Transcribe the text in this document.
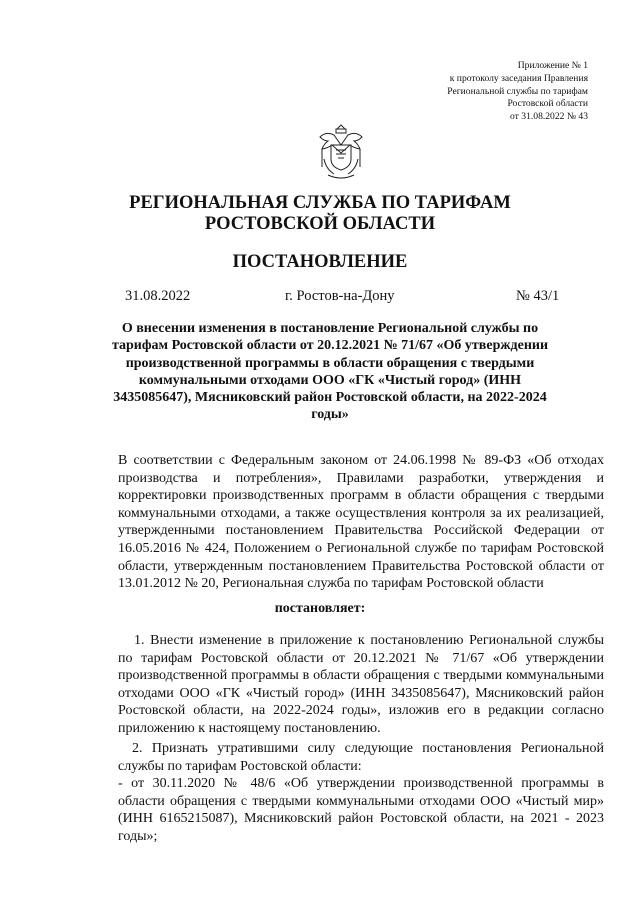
Приложение № 1
к протоколу заседания Правления
Региональной службы по тарифам
Ростовской области
от 31.08.2022 № 43
РЕГИОНАЛЬНАЯ СЛУЖБА ПО ТАРИФАМ
РОСТОВСКОЙ ОБЛАСТИ
ПОСТАНОВЛЕНИЕ
31.08.2022	г. Ростов-на-Дону	№ 43/1
О внесении изменения в постановление Региональной службы по тарифам Ростовской области от 20.12.2021 № 71/67 «Об утверждении производственной программы в области обращения с твердыми коммунальными отходами ООО «ГК «Чистый город» (ИНН 3435085647), Мясниковский район Ростовской области, на 2022-2024 годы»
В соответствии с Федеральным законом от 24.06.1998 № 89-ФЗ «Об отходах производства и потребления», Правилами разработки, утверждения и корректировки производственных программ в области обращения с твердыми коммунальными отходами, а также осуществления контроля за их реализацией, утвержденными постановлением Правительства Российской Федерации от 16.05.2016 № 424, Положением о Региональной службе по тарифам Ростовской области, утвержденным постановлением Правительства Ростовской области от 13.01.2012 № 20, Региональная служба по тарифам Ростовской области
постановляет:
1. Внести изменение в приложение к постановлению Региональной службы по тарифам Ростовской области от 20.12.2021 № 71/67 «Об утверждении производственной программы в области обращения с твердыми коммунальными отходами ООО «ГК «Чистый город» (ИНН 3435085647), Мясниковский район Ростовской области, на 2022-2024 годы», изложив его в редакции согласно приложению к настоящему постановлению.
2. Признать утратившими силу следующие постановления Региональной службы по тарифам Ростовской области:
- от 30.11.2020 № 48/6 «Об утверждении производственной программы в области обращения с твердыми коммунальными отходами ООО «Чистый мир» (ИНН 6165215087), Мясниковский район Ростовской области, на 2021 - 2023 годы»;
